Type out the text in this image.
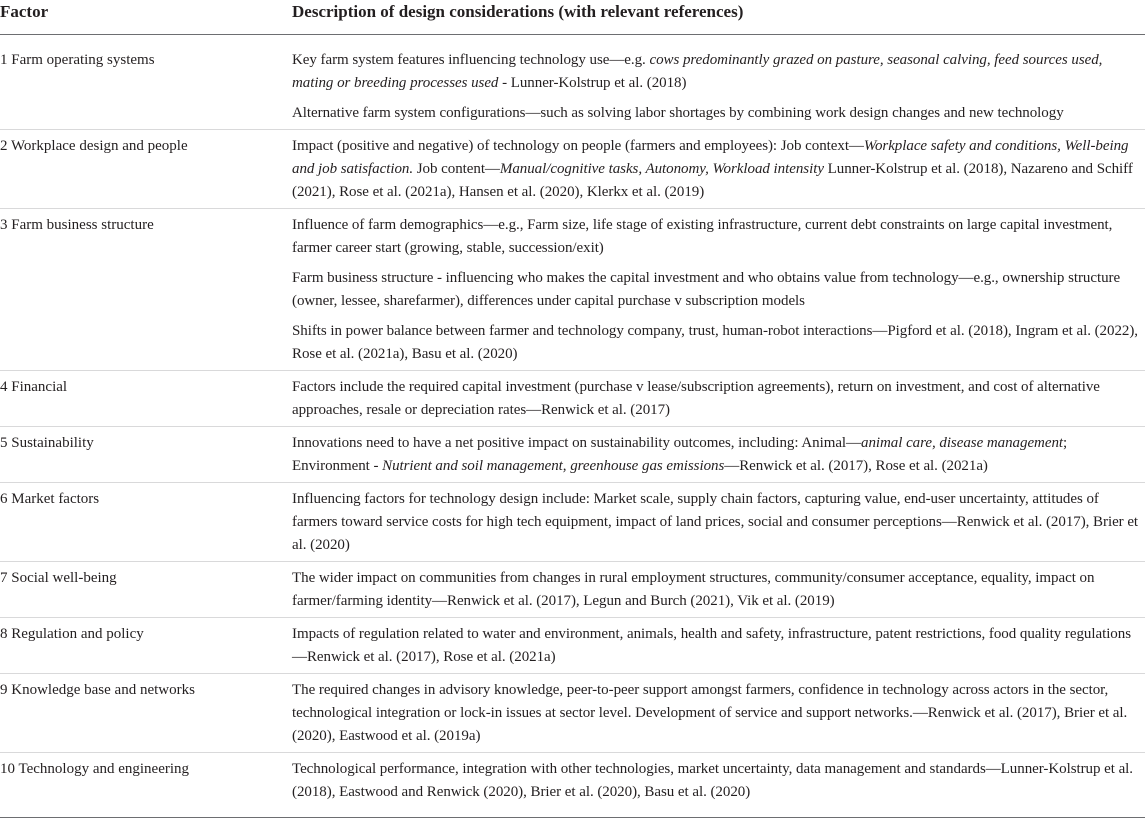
Factor	Description of design considerations (with relevant references)
1 Farm operating systems	Key farm system features influencing technology use—e.g. cows predominantly grazed on pasture, seasonal calving, feed sources used, mating or breeding processes used - Lunner-Kolstrup et al. (2018)
	Alternative farm system configurations—such as solving labor shortages by combining work design changes and new technology
2 Workplace design and people	Impact (positive and negative) of technology on people (farmers and employees): Job context—Workplace safety and conditions, Well-being and job satisfaction. Job content—Manual/cognitive tasks, Autonomy, Workload intensity Lunner-Kolstrup et al. (2018), Nazareno and Schiff (2021), Rose et al. (2021a), Hansen et al. (2020), Klerkx et al. (2019)
3 Farm business structure	Influence of farm demographics—e.g., Farm size, life stage of existing infrastructure, current debt constraints on large capital investment, farmer career start (growing, stable, succession/exit)
	Farm business structure - influencing who makes the capital investment and who obtains value from technology—e.g., ownership structure (owner, lessee, sharefarmer), differences under capital purchase v subscription models
	Shifts in power balance between farmer and technology company, trust, human-robot interactions—Pigford et al. (2018), Ingram et al. (2022), Rose et al. (2021a), Basu et al. (2020)
4 Financial	Factors include the required capital investment (purchase v lease/subscription agreements), return on investment, and cost of alternative approaches, resale or depreciation rates—Renwick et al. (2017)
5 Sustainability	Innovations need to have a net positive impact on sustainability outcomes, including: Animal—animal care, disease management; Environment - Nutrient and soil management, greenhouse gas emissions—Renwick et al. (2017), Rose et al. (2021a)
6 Market factors	Influencing factors for technology design include: Market scale, supply chain factors, capturing value, end-user uncertainty, attitudes of farmers toward service costs for high tech equipment, impact of land prices, social and consumer perceptions—Renwick et al. (2017), Brier et al. (2020)
7 Social well-being	The wider impact on communities from changes in rural employment structures, community/consumer acceptance, equality, impact on farmer/farming identity—Renwick et al. (2017), Legun and Burch (2021), Vik et al. (2019)
8 Regulation and policy	Impacts of regulation related to water and environment, animals, health and safety, infrastructure, patent restrictions, food quality regulations—Renwick et al. (2017), Rose et al. (2021a)
9 Knowledge base and networks	The required changes in advisory knowledge, peer-to-peer support amongst farmers, confidence in technology across actors in the sector, technological integration or lock-in issues at sector level. Development of service and support networks.—Renwick et al. (2017), Brier et al. (2020), Eastwood et al. (2019a)
10 Technology and engineering	Technological performance, integration with other technologies, market uncertainty, data management and standards—Lunner-Kolstrup et al. (2018), Eastwood and Renwick (2020), Brier et al. (2020), Basu et al. (2020)
